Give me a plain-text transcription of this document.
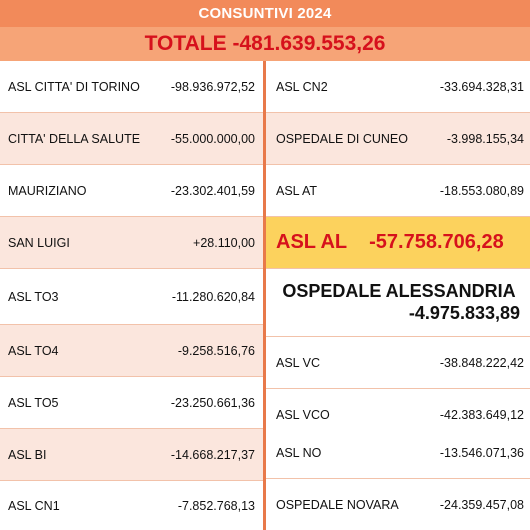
CONSUNTIVI 2024
TOTALE
-481.639.553,26
ASL CITTA' DI TORINO -98.936.972,52
CITTA' DELLA SALUTE -55.000.000,00
MAURIZIANO	-23.302.401,59
SAN LUIGI	+28.110,00
ASL TO3	-11.280.620,84
ASL TO4	-9.258.516,76
ASL TO5	-23.250.661,36
ASL BI	-14.668.217,37
ASL CN1	-7.852.768,13
ASL CN2	-33.694.328,31
OSPEDALE DI CUNEO	-3.998.155,34
ASL AT	-18.553.080,89
ASL AL -57.758.706,28
OSPEDALE ALESSANDRIA
-4.975.833,89
ASL VC	-38.848.222,42
ASL VCO	-42.383.649,12
ASL NO	-13.546.071,36
OSPEDALE NOVARA	-24.359.457,08
